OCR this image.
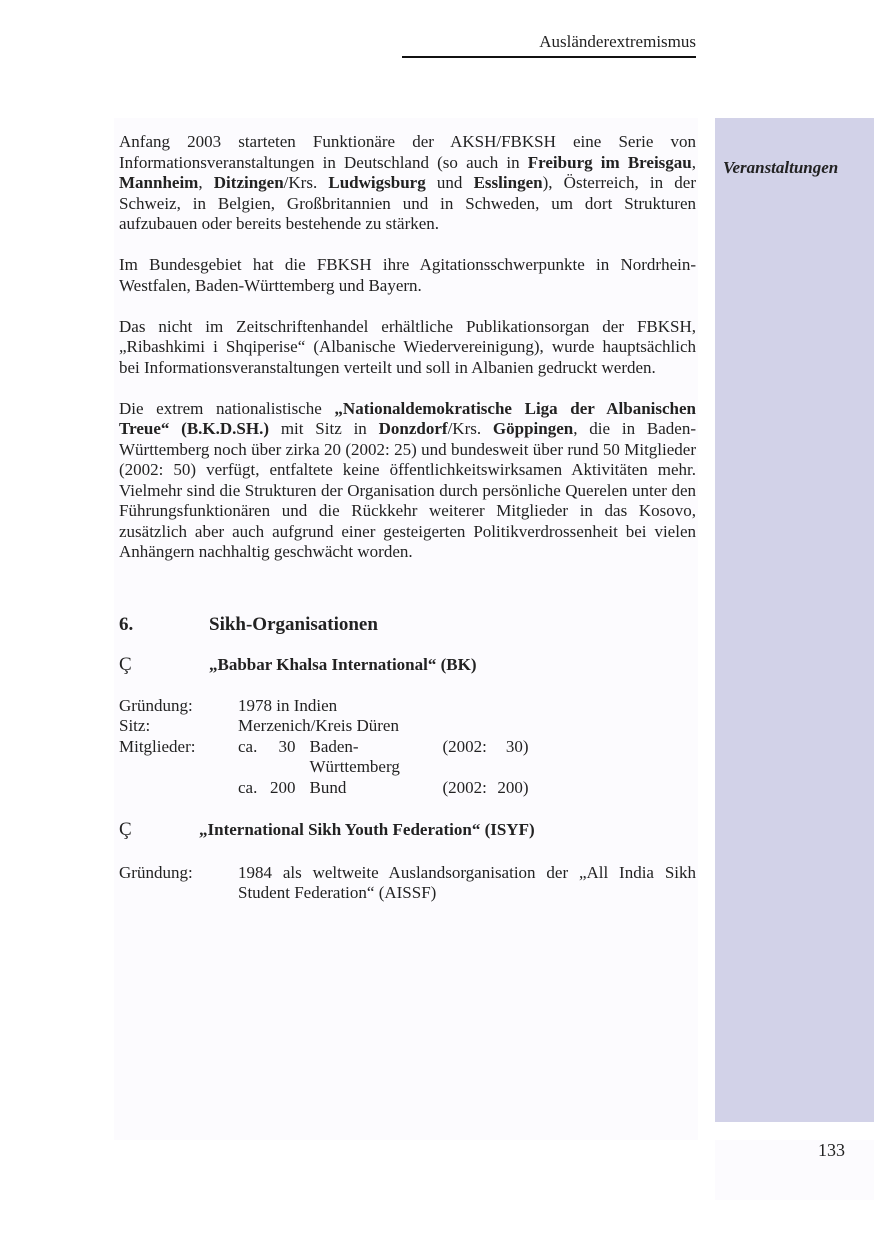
Ausländerextremismus
Veranstaltungen
133

Anfang 2003 starteten Funktionäre der AKSH/FBKSH eine Serie von Informationsveranstaltungen in Deutschland (so auch in Freiburg im Breisgau, Mannheim, Ditzingen/Krs. Ludwigsburg und Esslingen), Österreich, in der Schweiz, in Belgien, Großbritannien und in Schweden, um dort Strukturen aufzubauen oder bereits bestehende zu stärken.

Im Bundesgebiet hat die FBKSH ihre Agitationsschwerpunkte in Nordrhein-Westfalen, Baden-Württemberg und Bayern.

Das nicht im Zeitschriftenhandel erhältliche Publikationsorgan der FBKSH, „Ribashkimi i Shqiperise“ (Albanische Wiedervereinigung), wurde hauptsächlich bei Informationsveranstaltungen verteilt und soll in Albanien gedruckt werden.

Die extrem nationalistische „Nationaldemokratische Liga der Albanischen Treue“ (B.K.D.SH.) mit Sitz in Donzdorf/Krs. Göppingen, die in Baden-Württemberg noch über zirka 20 (2002: 25) und bundesweit über rund 50 Mitglieder (2002: 50) verfügt, entfaltete keine öffentlichkeitswirksamen Aktivitäten mehr. Vielmehr sind die Strukturen der Organisation durch persönliche Querelen unter den Führungsfunktionären und die Rückkehr weiterer Mitglieder in das Kosovo, zusätzlich aber auch aufgrund einer gesteigerten Politikverdrossenheit bei vielen Anhängern nachhaltig geschwächt worden.

6.	Sikh-Organisationen
Ç	„Babbar Khalsa International“ (BK)
Gründung:	1978 in Indien				
Sitz:	Merzenich/Kreis Düren				
Mitglieder:	ca.	30	Baden-Württemberg	(2002:	30)
	ca.	200	Bund	(2002:	200)
Ç	„International Sikh Youth Federation“ (ISYF)
Gründung:	1984 als weltweite Auslandsorganisation der „All India Sikh Student Federation“ (AISSF)
